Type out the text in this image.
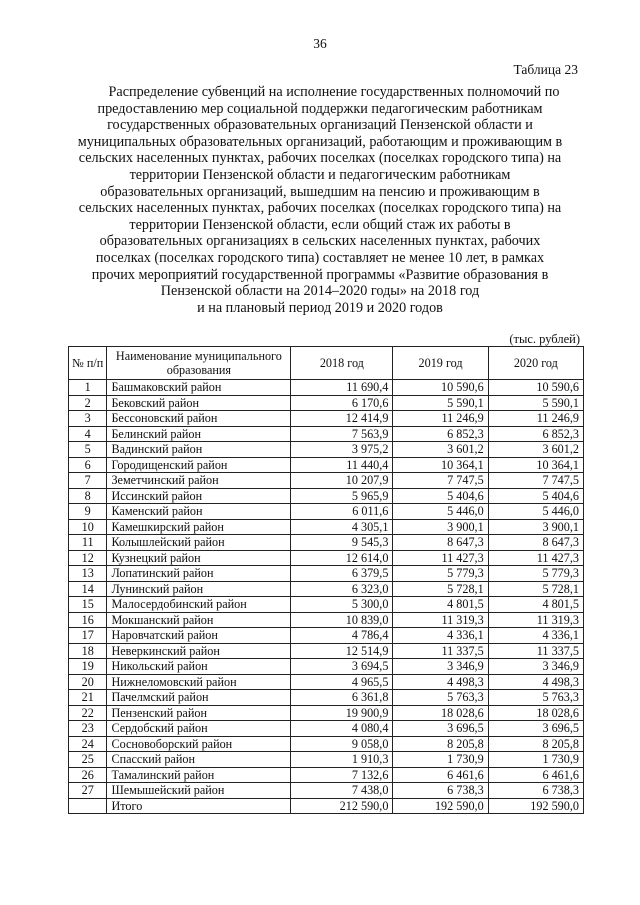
36
Таблица 23
Распределение субвенций на исполнение государственных полномочий по
предоставлению мер социальной поддержки педагогическим работникам
государственных образовательных организаций Пензенской области и
муниципальных образовательных организаций, работающим и проживающим в
сельских населенных пунктах, рабочих поселках (поселках городского типа) на
территории Пензенской области и педагогическим работникам
образовательных организаций, вышедшим на пенсию и проживающим в
сельских населенных пунктах, рабочих поселках (поселках городского типа) на
территории Пензенской области, если общий стаж их работы в
образовательных организациях в сельских населенных пунктах, рабочих
поселках (поселках городского типа) составляет не менее 10 лет, в рамках
прочих мероприятий государственной программы «Развитие образования в
Пензенской области на 2014–2020 годы» на 2018 год
и на плановый период 2019 и 2020 годов
(тыс. рублей)
№ п/п	Наименование муниципального образования	2018 год	2019 год	2020 год
1	Башмаковский район	11 690,4	10 590,6	10 590,6
2	Бековский район	6 170,6	5 590,1	5 590,1
3	Бессоновский район	12 414,9	11 246,9	11 246,9
4	Белинский район	7 563,9	6 852,3	6 852,3
5	Вадинский район	3 975,2	3 601,2	3 601,2
6	Городищенский район	11 440,4	10 364,1	10 364,1
7	Земетчинский район	10 207,9	7 747,5	7 747,5
8	Иссинский район	5 965,9	5 404,6	5 404,6
9	Каменский район	6 011,6	5 446,0	5 446,0
10	Камешкирский район	4 305,1	3 900,1	3 900,1
11	Колышлейский район	9 545,3	8 647,3	8 647,3
12	Кузнецкий район	12 614,0	11 427,3	11 427,3
13	Лопатинский район	6 379,5	5 779,3	5 779,3
14	Лунинский район	6 323,0	5 728,1	5 728,1
15	Малосердобинский район	5 300,0	4 801,5	4 801,5
16	Мокшанский район	10 839,0	11 319,3	11 319,3
17	Наровчатский район	4 786,4	4 336,1	4 336,1
18	Неверкинский район	12 514,9	11 337,5	11 337,5
19	Никольский район	3 694,5	3 346,9	3 346,9
20	Нижнеломовский район	4 965,5	4 498,3	4 498,3
21	Пачелмский район	6 361,8	5 763,3	5 763,3
22	Пензенский район	19 900,9	18 028,6	18 028,6
23	Сердобский район	4 080,4	3 696,5	3 696,5
24	Сосновоборский район	9 058,0	8 205,8	8 205,8
25	Спасский район	1 910,3	1 730,9	1 730,9
26	Тамалинский район	7 132,6	6 461,6	6 461,6
27	Шемышейский район	7 438,0	6 738,3	6 738,3
	Итого	212 590,0	192 590,0	192 590,0
